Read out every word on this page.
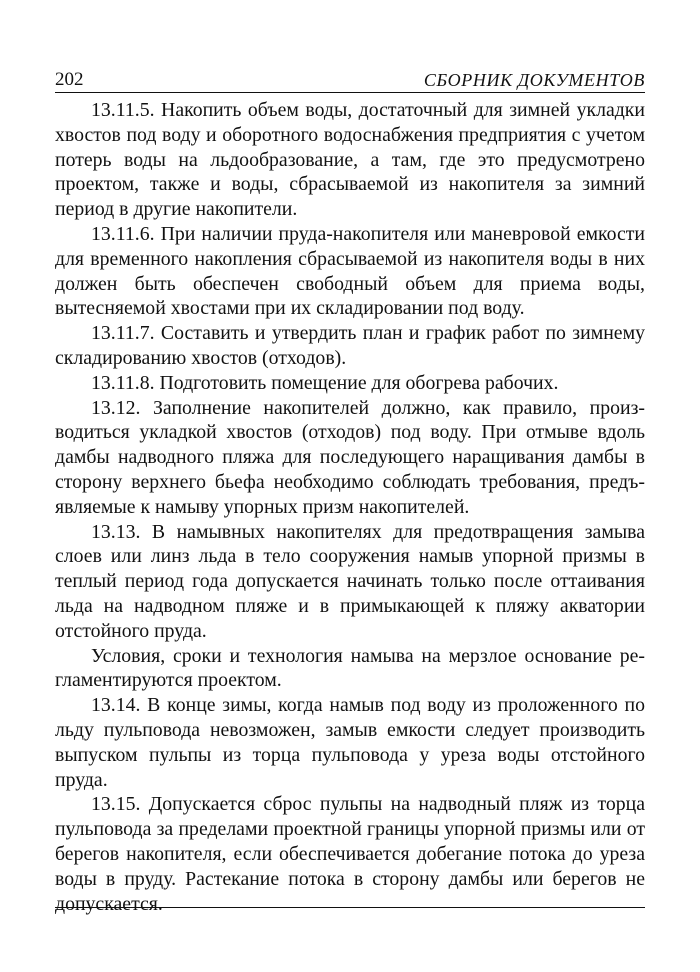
202	СБОРНИК ДОКУМЕНТОВ

13.11.5. Накопить объем воды, достаточный для зимней укладки хвостов под воду и оборотного водоснабжения предприятия с учетом потерь воды на льдообразование, а там, где это предусмотрено проектом, также и воды, сбрасываемой из накопителя за зимний период в другие накопители.

13.11.6. При наличии пруда-накопителя или маневровой емкости для временного накопления сбрасываемой из накопителя воды в них должен быть обеспечен свободный объем для приема воды, вытесняемой хвостами при их складировании под воду.

13.11.7. Составить и утвердить план и график работ по зимнему складированию хвостов (отходов).

13.11.8. Подготовить помещение для обогрева рабочих.

13.12. Заполнение накопителей должно, как правило, производиться укладкой хвостов (отходов) под воду. При отмыве вдоль дамбы надводного пляжа для последующего наращивания дамбы в сторону верхнего бьефа необходимо соблюдать требования, предъявляемые к намыву упорных призм накопителей.

13.13. В намывных накопителях для предотвращения замыва слоев или линз льда в тело сооружения намыв упорной призмы в теплый период года допускается начинать только после оттаивания льда на надводном пляже и в примыкающей к пляжу акватории отстойного пруда.

Условия, сроки и технология намыва на мерзлое основание регламентируются проектом.

13.14. В конце зимы, когда намыв под воду из проложенного по льду пульповода невозможен, замыв емкости следует производить выпуском пульпы из торца пульповода у уреза воды отстойного пруда.

13.15. Допускается сброс пульпы на надводный пляж из торца пульповода за пределами проектной границы упорной призмы или от берегов накопителя, если обеспечивается добегание потока до уреза воды в пруду. Растекание потока в сторону дамбы или берегов не допускается.
